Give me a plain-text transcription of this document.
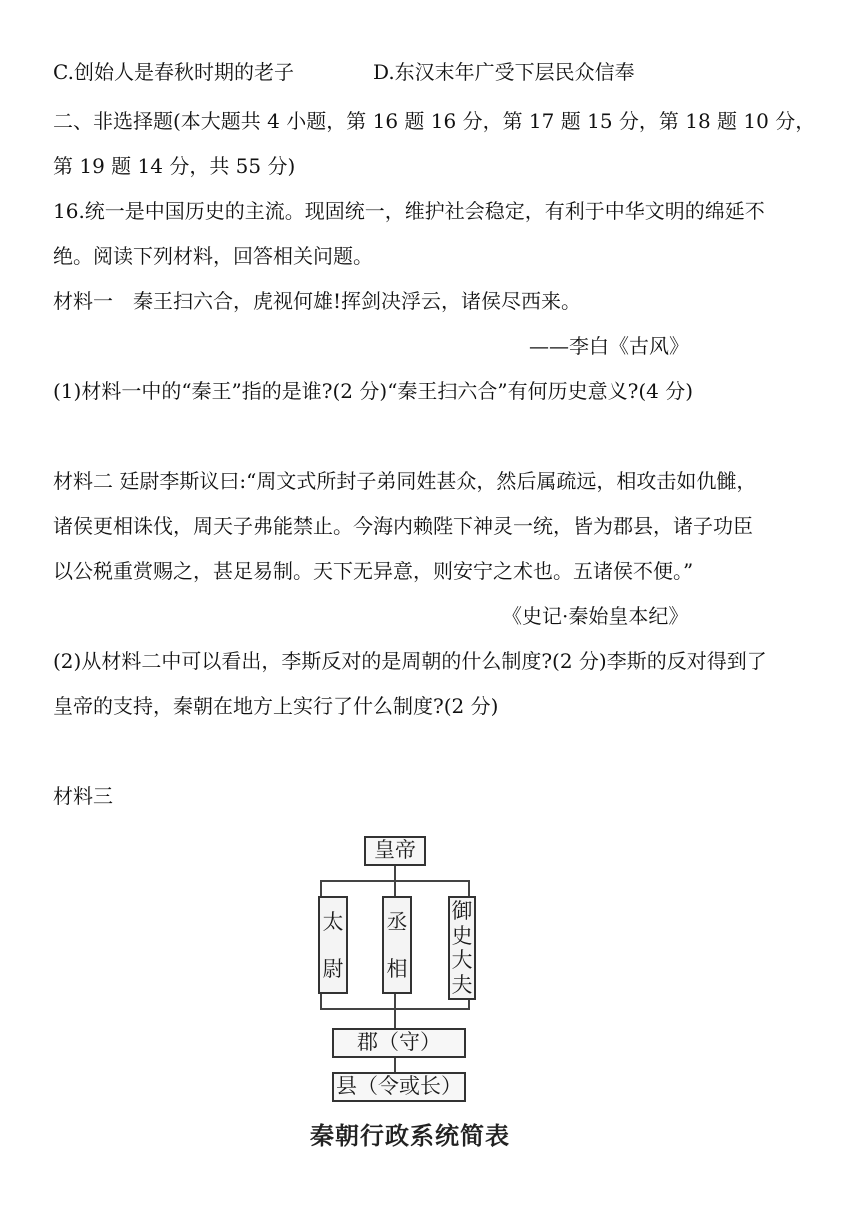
C.创始人是春秋时期的老子	D.东汉末年广受下层民众信奉
二、非选择题(本大题共 4 小题，第 16 题 16 分，第 17 题 15 分，第 18 题 10 分，
第 19 题 14 分，共 55 分)
16.统一是中国历史的主流。现固统一，维护社会稳定，有利于中华文明的绵延不
绝。阅读下列材料，回答相关问题。
材料一　秦王扫六合，虎视何雄!挥剑决浮云，诸侯尽西来。
——李白《古风》
(1)材料一中的“秦王”指的是谁?(2 分)“秦王扫六合”有何历史意义?(4 分)
材料二 廷尉李斯议曰:“周文式所封子弟同姓甚众，然后属疏远，相攻击如仇雠，
诸侯更相诛伐，周天子弗能禁止。今海内赖陛下神灵一统，皆为郡县，诸子功臣
以公税重赏赐之，甚足易制。天下无异意，则安宁之术也。五诸侯不便。”
《史记·秦始皇本纪》
(2)从材料二中可以看出，李斯反对的是周朝的什么制度?(2 分)李斯的反对得到了
皇帝的支持，秦朝在地方上实行了什么制度?(2 分)
材料三
皇帝
太
尉
丞
相
御
史
大
夫
郡（守）
县（令或长）
秦朝行政系统简表
